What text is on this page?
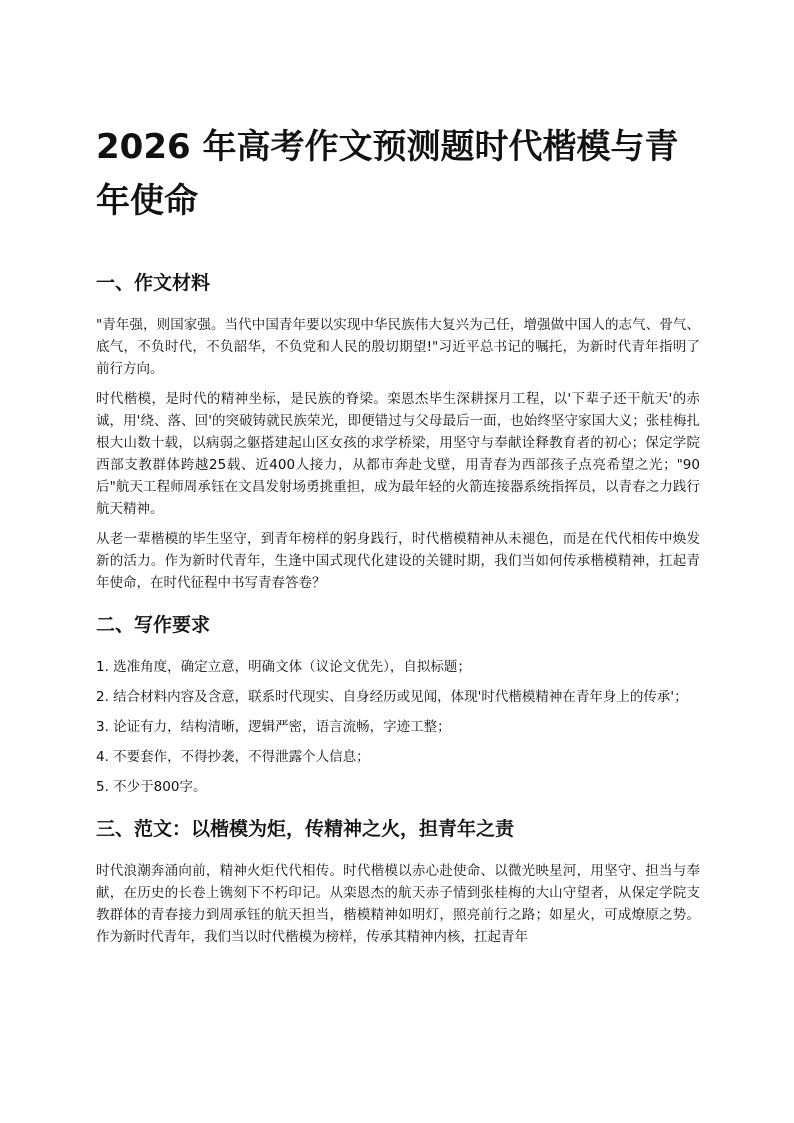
2026 年高考作文预测题时代楷模与青年使命
一、作文材料

"青年强，则国家强。当代中国青年要以实现中华民族伟大复兴为己任，增强做中国人的志气、骨气、底气，不负时代，不负韶华，不负党和人民的殷切期望!"习近平总书记的嘱托，为新时代青年指明了前行方向。

时代楷模，是时代的精神坐标，是民族的脊梁。栾恩杰毕生深耕探月工程，以'下辈子还干航天'的赤诚，用'绕、落、回'的突破铸就民族荣光，即便错过与父母最后一面，也始终坚守家国大义；张桂梅扎根大山数十载，以病弱之躯搭建起山区女孩的求学桥梁，用坚守与奉献诠释教育者的初心；保定学院西部支教群体跨越25载、近400人接力，从都市奔赴戈壁，用青春为西部孩子点亮希望之光；"90后"航天工程师周承钰在文昌发射场勇挑重担，成为最年轻的火箭连接器系统指挥员，以青春之力践行航天精神。

从老一辈楷模的毕生坚守，到青年榜样的躬身践行，时代楷模精神从未褪色，而是在代代相传中焕发新的活力。作为新时代青年，生逢中国式现代化建设的关键时期，我们当如何传承楷模精神，扛起青年使命，在时代征程中书写青春答卷？

二、写作要求
1. 选准角度，确定立意，明确文体（议论文优先），自拟标题；
2. 结合材料内容及含意，联系时代现实、自身经历或见闻，体现'时代楷模精神在青年身上的传承'；
3. 论证有力，结构清晰，逻辑严密，语言流畅，字迹工整；
4. 不要套作，不得抄袭，不得泄露个人信息；
5. 不少于800字。
三、范文：以楷模为炬，传精神之火，担青年之责

时代浪潮奔涌向前，精神火炬代代相传。时代楷模以赤心赴使命、以微光映星河，用坚守、担当与奉献，在历史的长卷上镌刻下不朽印记。从栾恩杰的航天赤子情到张桂梅的大山守望者，从保定学院支教群体的青春接力到周承钰的航天担当，楷模精神如明灯，照亮前行之路；如星火，可成燎原之势。作为新时代青年，我们当以时代楷模为榜样，传承其精神内核，扛起青年
